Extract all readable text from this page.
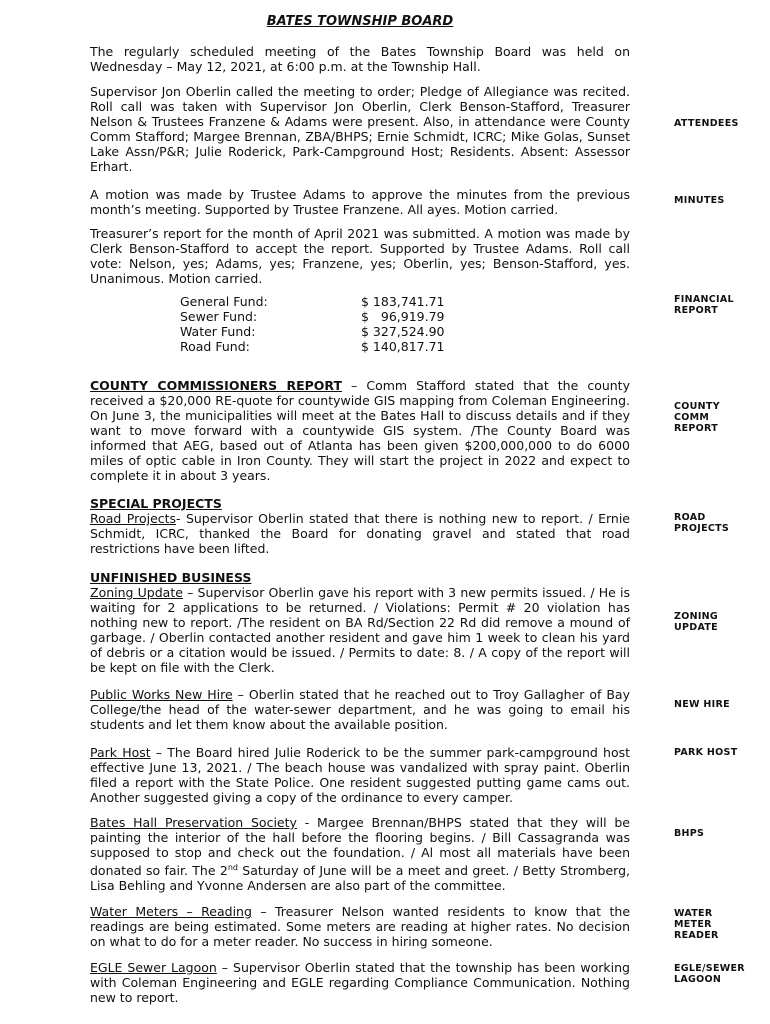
BATES TOWNSHIP BOARD
The regularly scheduled meeting of the Bates Township Board was held on Wednesday – May 12, 2021, at 6:00 p.m. at the Township Hall.
Supervisor Jon Oberlin called the meeting to order; Pledge of Allegiance was recited. Roll call was taken with Supervisor Jon Oberlin, Clerk Benson-Stafford, Treasurer Nelson & Trustees Franzene & Adams were present. Also, in attendance were County Comm Stafford; Margee Brennan, ZBA/BHPS; Ernie Schmidt, ICRC; Mike Golas, Sunset Lake Assn/P&R; Julie Roderick, Park-Campground Host; Residents. Absent: Assessor Erhart.
A motion was made by Trustee Adams to approve the minutes from the previous month’s meeting. Supported by Trustee Franzene. All ayes. Motion carried.
Treasurer’s report for the month of April 2021 was submitted. A motion was made by Clerk Benson-Stafford to accept the report. Supported by Trustee Adams. Roll call vote: Nelson, yes; Adams, yes; Franzene, yes; Oberlin, yes; Benson-Stafford, yes. Unanimous. Motion carried.
General Fund:	$ 183,741.71
Sewer Fund:	$   96,919.79
Water Fund:	$ 327,524.90
Road Fund:	$ 140,817.71
COUNTY COMMISSIONERS REPORT – Comm Stafford stated that the county received a $20,000 RE-quote for countywide GIS mapping from Coleman Engineering. On June 3, the municipalities will meet at the Bates Hall to discuss details and if they want to move forward with a countywide GIS system. /The County Board was informed that AEG, based out of Atlanta has been given $200,000,000 to do 6000 miles of optic cable in Iron County. They will start the project in 2022 and expect to complete it in about 3 years.
SPECIAL PROJECTS
Road Projects- Supervisor Oberlin stated that there is nothing new to report. / Ernie Schmidt, ICRC, thanked the Board for donating gravel and stated that road restrictions have been lifted.
UNFINISHED BUSINESS
Zoning Update – Supervisor Oberlin gave his report with 3 new permits issued. / He is waiting for 2 applications to be returned. / Violations: Permit # 20 violation has nothing new to report. /The resident on BA Rd/Section 22 Rd did remove a mound of garbage. / Oberlin contacted another resident and gave him 1 week to clean his yard of debris or a citation would be issued. / Permits to date: 8. / A copy of the report will be kept on file with the Clerk.
Public Works New Hire – Oberlin stated that he reached out to Troy Gallagher of Bay College/the head of the water-sewer department, and he was going to email his students and let them know about the available position.
Park Host – The Board hired Julie Roderick to be the summer park-campground host effective June 13, 2021. / The beach house was vandalized with spray paint. Oberlin filed a report with the State Police. One resident suggested putting game cams out. Another suggested giving a copy of the ordinance to every camper.
Bates Hall Preservation Society - Margee Brennan/BHPS stated that they will be painting the interior of the hall before the flooring begins. / Bill Cassagranda was supposed to stop and check out the foundation. / Al most all materials have been donated so fair. The 2nd Saturday of June will be a meet and greet. / Betty Stromberg, Lisa Behling and Yvonne Andersen are also part of the committee.
Water Meters – Reading – Treasurer Nelson wanted residents to know that the readings are being estimated. Some meters are reading at higher rates. No decision on what to do for a meter reader. No success in hiring someone.
EGLE Sewer Lagoon – Supervisor Oberlin stated that the township has been working with Coleman Engineering and EGLE regarding Compliance Communication. Nothing new to report.
ATTENDEES
MINUTES
FINANCIAL REPORT
COUNTY COMM REPORT
ROAD PROJECTS
ZONING UPDATE
NEW HIRE
PARK HOST
BHPS
WATER METER READER
EGLE/SEWER LAGOON
